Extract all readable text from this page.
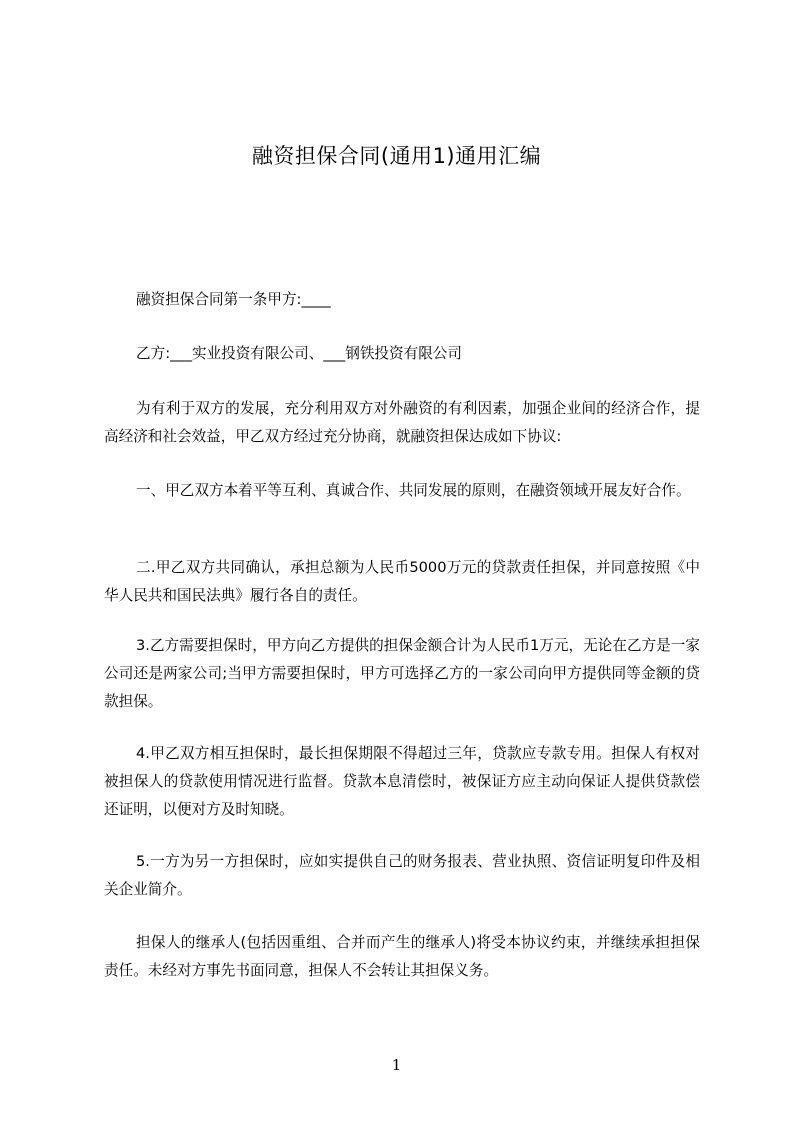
融资担保合同(通用1)通用汇编

融资担保合同第一条甲方:____

乙方:___实业投资有限公司、___钢铁投资有限公司

为有利于双方的发展，充分利用双方对外融资的有利因素，加强企业间的经济合作，提高经济和社会效益，甲乙双方经过充分协商，就融资担保达成如下协议:

一、甲乙双方本着平等互利、真诚合作、共同发展的原则，在融资领域开展友好合作。

二.甲乙双方共同确认，承担总额为人民币5000万元的贷款责任担保，并同意按照《中华人民共和国民法典》履行各自的责任。

3.乙方需要担保时，甲方向乙方提供的担保金额合计为人民币1万元，无论在乙方是一家公司还是两家公司;当甲方需要担保时，甲方可选择乙方的一家公司向甲方提供同等金额的贷款担保。

4.甲乙双方相互担保时，最长担保期限不得超过三年，贷款应专款专用。担保人有权对被担保人的贷款使用情况进行监督。贷款本息清偿时，被保证方应主动向保证人提供贷款偿还证明，以便对方及时知晓。

5.一方为另一方担保时，应如实提供自己的财务报表、营业执照、资信证明复印件及相关企业简介。

担保人的继承人(包括因重组、合并而产生的继承人)将受本协议约束，并继续承担担保责任。未经对方事先书面同意，担保人不会转让其担保义务。

1
